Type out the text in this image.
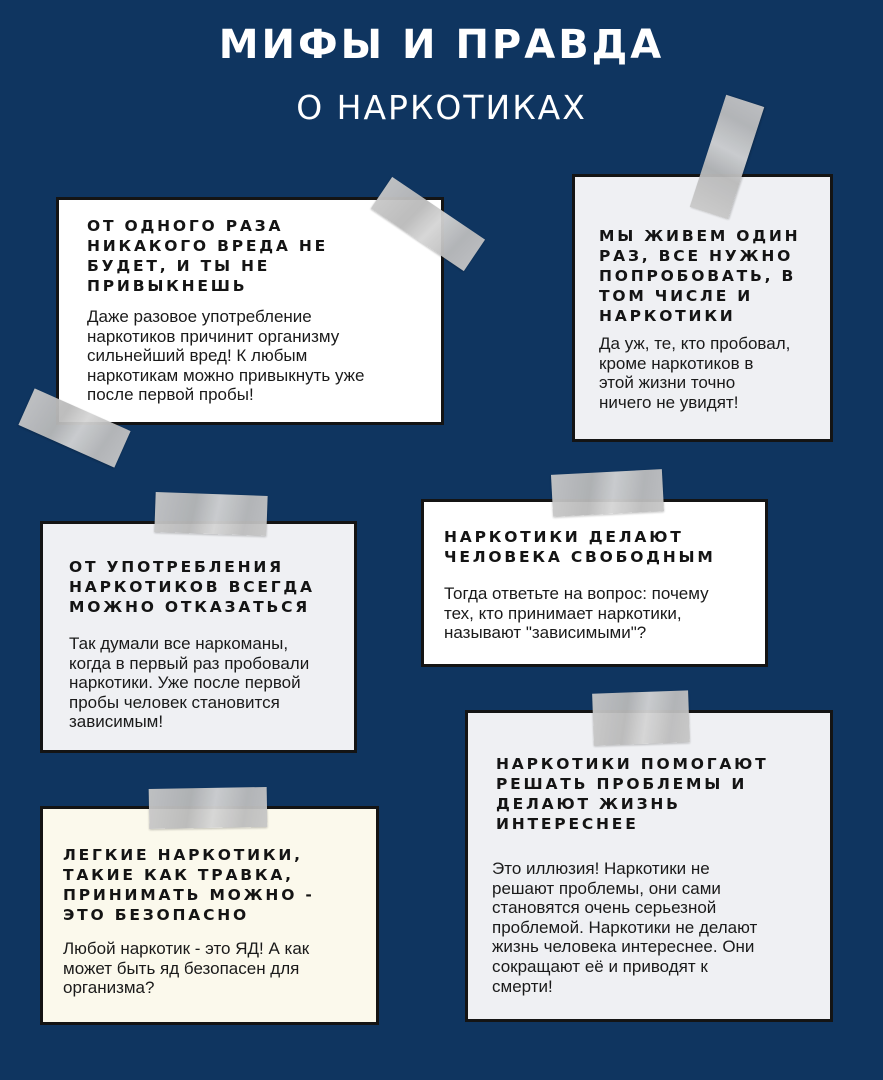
МИФЫ И ПРАВДА
О НАРКОТИКАХ
ОТ ОДНОГО РАЗА
НИКАКОГО ВРЕДА НЕ
БУДЕТ, И ТЫ НЕ
ПРИВЫКНЕШЬ
Даже разовое употребление
наркотиков причинит организму
сильнейший вред! К любым
наркотикам можно привыкнуть уже
после первой пробы!
МЫ ЖИВЕМ ОДИН
РАЗ, ВСЕ НУЖНО
ПОПРОБОВАТЬ, В
ТОМ ЧИСЛЕ И
НАРКОТИКИ
Да уж, те, кто пробовал,
кроме наркотиков в
этой жизни точно
ничего не увидят!
ОТ УПОТРЕБЛЕНИЯ
НАРКОТИКОВ ВСЕГДА
МОЖНО ОТКАЗАТЬСЯ
Так думали все наркоманы,
когда в первый раз пробовали
наркотики. Уже после первой
пробы человек становится
зависимым!
НАРКОТИКИ ДЕЛАЮТ
ЧЕЛОВЕКА СВОБОДНЫМ
Тогда ответьте на вопрос: почему
тех, кто принимает наркотики,
называют "зависимыми"?
ЛЕГКИЕ НАРКОТИКИ,
ТАКИЕ КАК ТРАВКА,
ПРИНИМАТЬ МОЖНО -
ЭТО БЕЗОПАСНО
Любой наркотик - это ЯД! А как
может быть яд безопасен для
организма?
НАРКОТИКИ ПОМОГАЮТ
РЕШАТЬ ПРОБЛЕМЫ И
ДЕЛАЮТ ЖИЗНЬ
ИНТЕРЕСНЕЕ
Это иллюзия! Наркотики не
решают проблемы, они сами
становятся очень серьезной
проблемой. Наркотики не делают
жизнь человека интереснее. Они
сокращают её и приводят к
смерти!
